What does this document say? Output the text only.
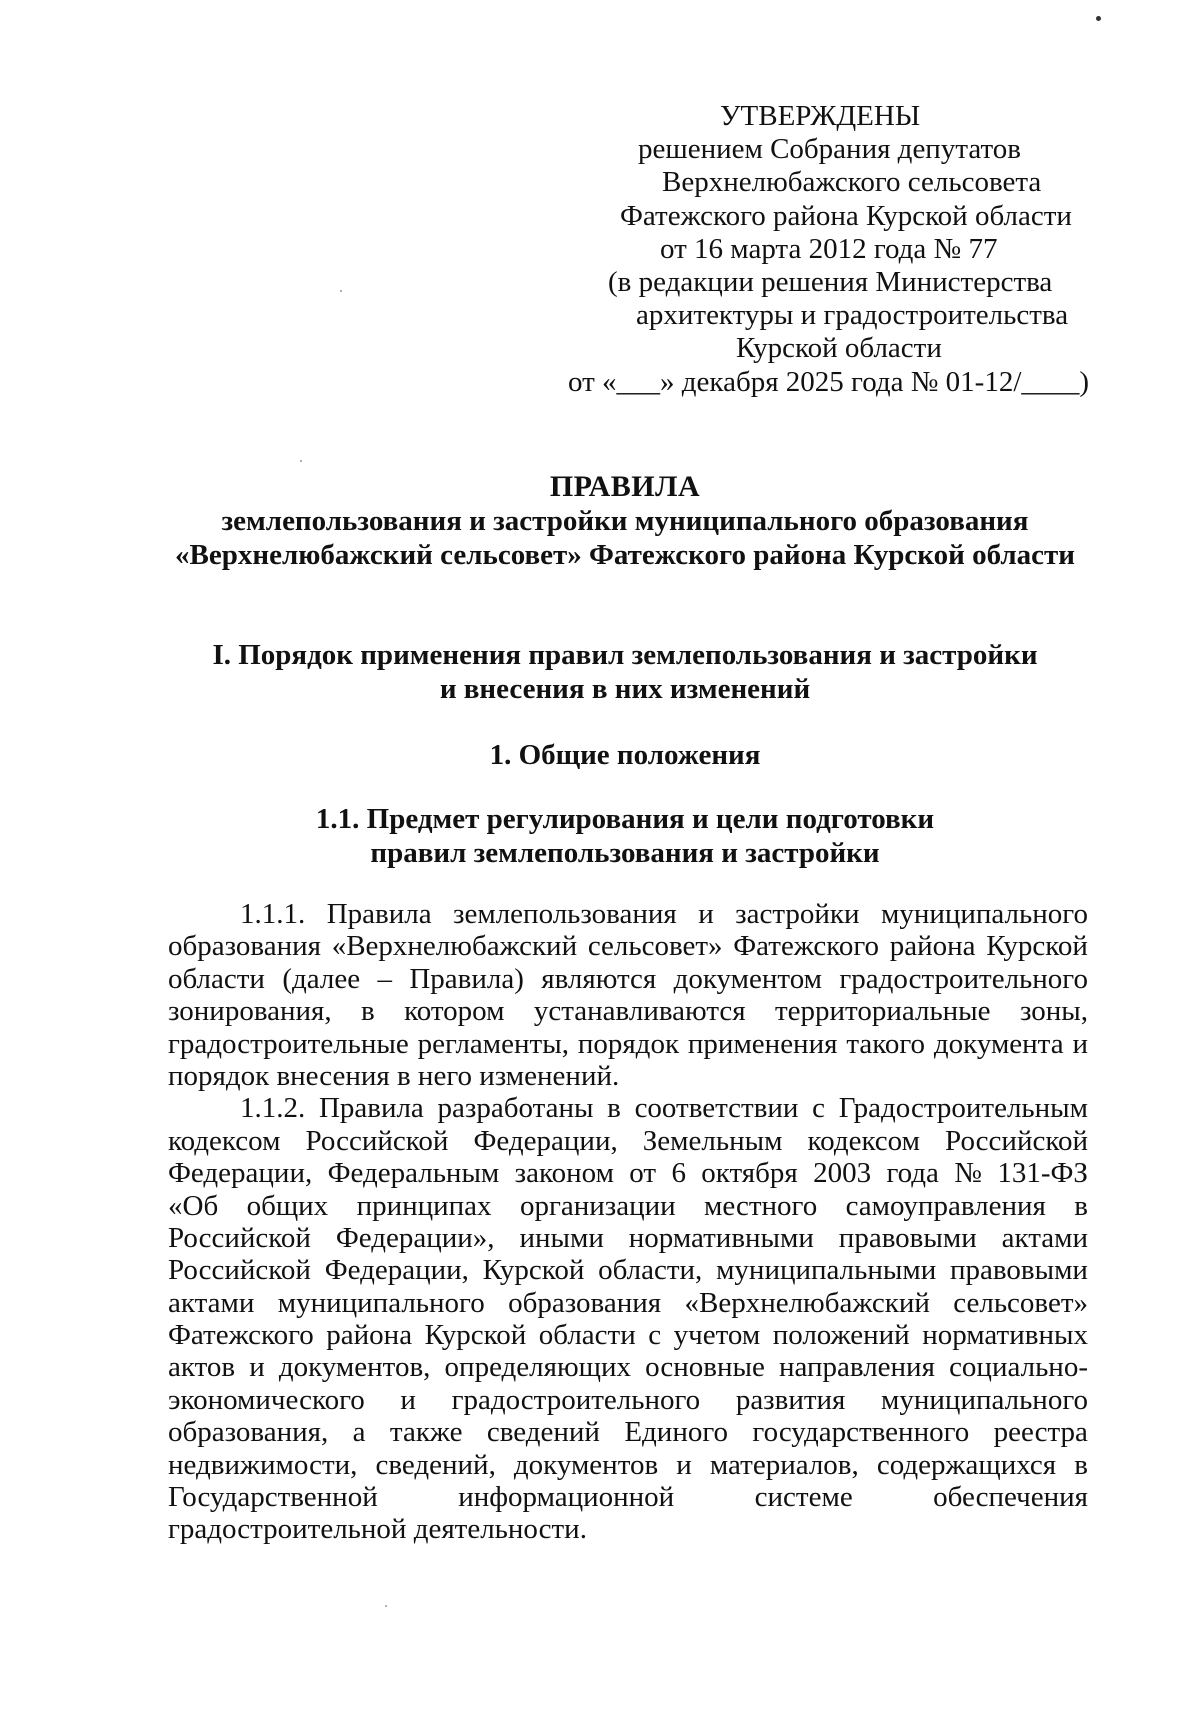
УТВЕРЖДЕНЫ
решением Собрания депутатов
Верхнелюбажского сельсовета
Фатежского района Курской области
от 16 марта 2012 года № 77
(в редакции решения Министерства
архитектуры и градостроительства
Курской области
от «___» декабря 2025 года № 01-12/____)
ПРАВИЛА
землепользования и застройки муниципального образования
«Верхнелюбажский сельсовет» Фатежского района Курской области
I. Порядок применения правил землепользования и застройки
и внесения в них изменений
1. Общие положения
1.1. Предмет регулирования и цели подготовки
правил землепользования и застройки
1.1.1. Правила землепользования и застройки муниципального
образования «Верхнелюбажский сельсовет» Фатежского района Курской
области (далее – Правила) являются документом градостроительного
зонирования, в котором устанавливаются территориальные зоны,
градостроительные регламенты, порядок применения такого документа и
порядок внесения в него изменений.
1.1.2. Правила разработаны в соответствии с Градостроительным
кодексом Российской Федерации, Земельным кодексом Российской
Федерации, Федеральным законом от 6 октября 2003 года № 131-ФЗ
«Об общих принципах организации местного самоуправления в
Российской Федерации», иными нормативными правовыми актами
Российской Федерации, Курской области, муниципальными правовыми
актами муниципального образования «Верхнелюбажский сельсовет»
Фатежского района Курской области с учетом положений нормативных
актов и документов, определяющих основные направления социально-
экономического и градостроительного развития муниципального
образования, а также сведений Единого государственного реестра
недвижимости, сведений, документов и материалов, содержащихся в
Государственной	информационной	системе	обеспечения
градостроительной деятельности.
